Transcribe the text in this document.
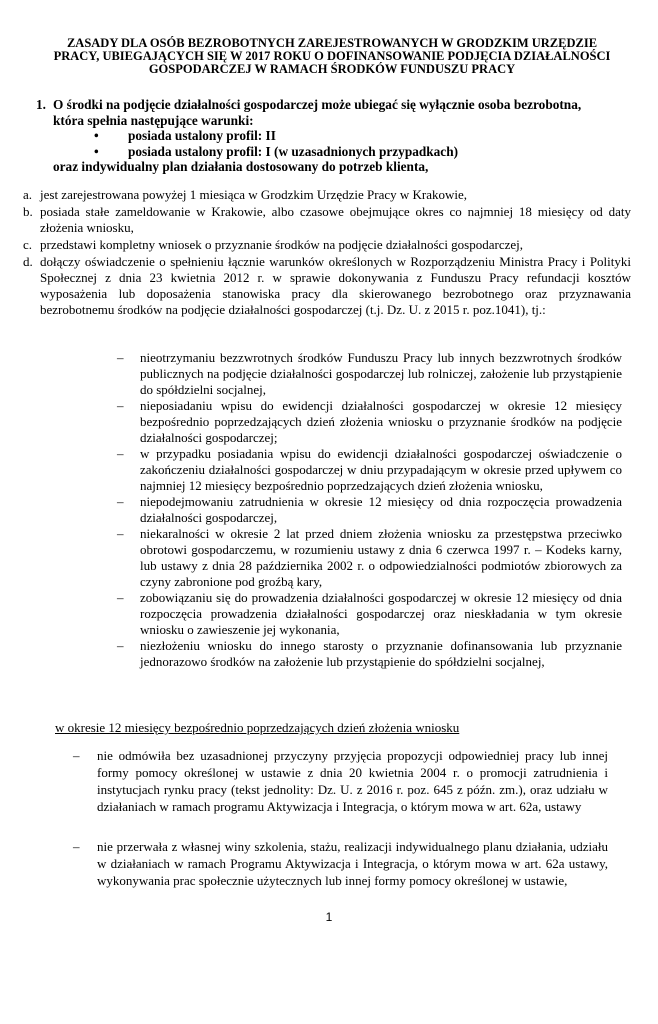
ZASADY DLA OSÓB BEZROBOTNYCH ZAREJESTROWANYCH W GRODZKIM URZĘDZIE
PRACY, UBIEGAJĄCYCH SIĘ W 2017 ROKU O DOFINANSOWANIE PODJĘCIA DZIAŁALNOŚCI
GOSPODARCZEJ W RAMACH ŚRODKÓW FUNDUSZU PRACY
1. O środki na podjęcie działalności gospodarczej może ubiegać się wyłącznie osoba bezrobotna,
która spełnia następujące warunki:
• posiada ustalony profil: II
• posiada ustalony profil: I (w uzasadnionych przypadkach)
oraz indywidualny plan działania dostosowany do potrzeb klienta,
a. jest zarejestrowana powyżej 1 miesiąca w Grodzkim Urzędzie Pracy w Krakowie,
b. posiada stałe zameldowanie w Krakowie, albo czasowe obejmujące okres co najmniej 18 miesięcy od daty złożenia wniosku,
c. przedstawi kompletny wniosek o przyznanie środków na podjęcie działalności gospodarczej,
d. dołączy oświadczenie o spełnieniu łącznie warunków określonych w Rozporządzeniu Ministra Pracy i Polityki Społecznej z dnia 23 kwietnia 2012 r. w sprawie dokonywania z Funduszu Pracy refundacji kosztów wyposażenia lub doposażenia stanowiska pracy dla skierowanego bezrobotnego oraz przyznawania bezrobotnemu środków na podjęcie działalności gospodarczej (t.j. Dz. U. z 2015 r. poz.1041), tj.:
– nieotrzymaniu bezzwrotnych środków Funduszu Pracy lub innych bezzwrotnych środków publicznych na podjęcie działalności gospodarczej lub rolniczej, założenie lub przystąpienie do spółdzielni socjalnej,
– nieposiadaniu wpisu do ewidencji działalności gospodarczej w okresie 12 miesięcy bezpośrednio poprzedzających dzień złożenia wniosku o przyznanie środków na podjęcie działalności gospodarczej;
– w przypadku posiadania wpisu do ewidencji działalności gospodarczej oświadczenie o zakończeniu działalności gospodarczej w dniu przypadającym w okresie przed upływem co najmniej 12 miesięcy bezpośrednio poprzedzających dzień złożenia wniosku,
– niepodejmowaniu zatrudnienia w okresie 12 miesięcy od dnia rozpoczęcia prowadzenia działalności gospodarczej,
– niekaralności w okresie 2 lat przed dniem złożenia wniosku za przestępstwa przeciwko obrotowi gospodarczemu, w rozumieniu ustawy z dnia 6 czerwca 1997 r. – Kodeks karny, lub ustawy z dnia 28 października 2002 r. o odpowiedzialności podmiotów zbiorowych za czyny zabronione pod groźbą kary,
– zobowiązaniu się do prowadzenia działalności gospodarczej w okresie 12 miesięcy od dnia rozpoczęcia prowadzenia działalności gospodarczej oraz nieskładania w tym okresie wniosku o zawieszenie jej wykonania,
– niezłożeniu wniosku do innego starosty o przyznanie dofinansowania lub przyznanie jednorazowo środków na założenie lub przystąpienie do spółdzielni socjalnej,
w okresie 12 miesięcy bezpośrednio poprzedzających dzień złożenia wniosku
– nie odmówiła bez uzasadnionej przyczyny przyjęcia propozycji odpowiedniej pracy lub innej formy pomocy określonej w ustawie z dnia 20 kwietnia 2004 r. o promocji zatrudnienia i instytucjach rynku pracy (tekst jednolity: Dz. U. z 2016 r. poz. 645 z późn. zm.), oraz udziału w działaniach w ramach programu Aktywizacja i Integracja, o którym mowa w art. 62a, ustawy
– nie przerwała z własnej winy szkolenia, stażu, realizacji indywidualnego planu działania, udziału w działaniach w ramach Programu Aktywizacja i Integracja, o którym mowa w art. 62a ustawy, wykonywania prac społecznie użytecznych lub innej formy pomocy określonej w ustawie,
1
